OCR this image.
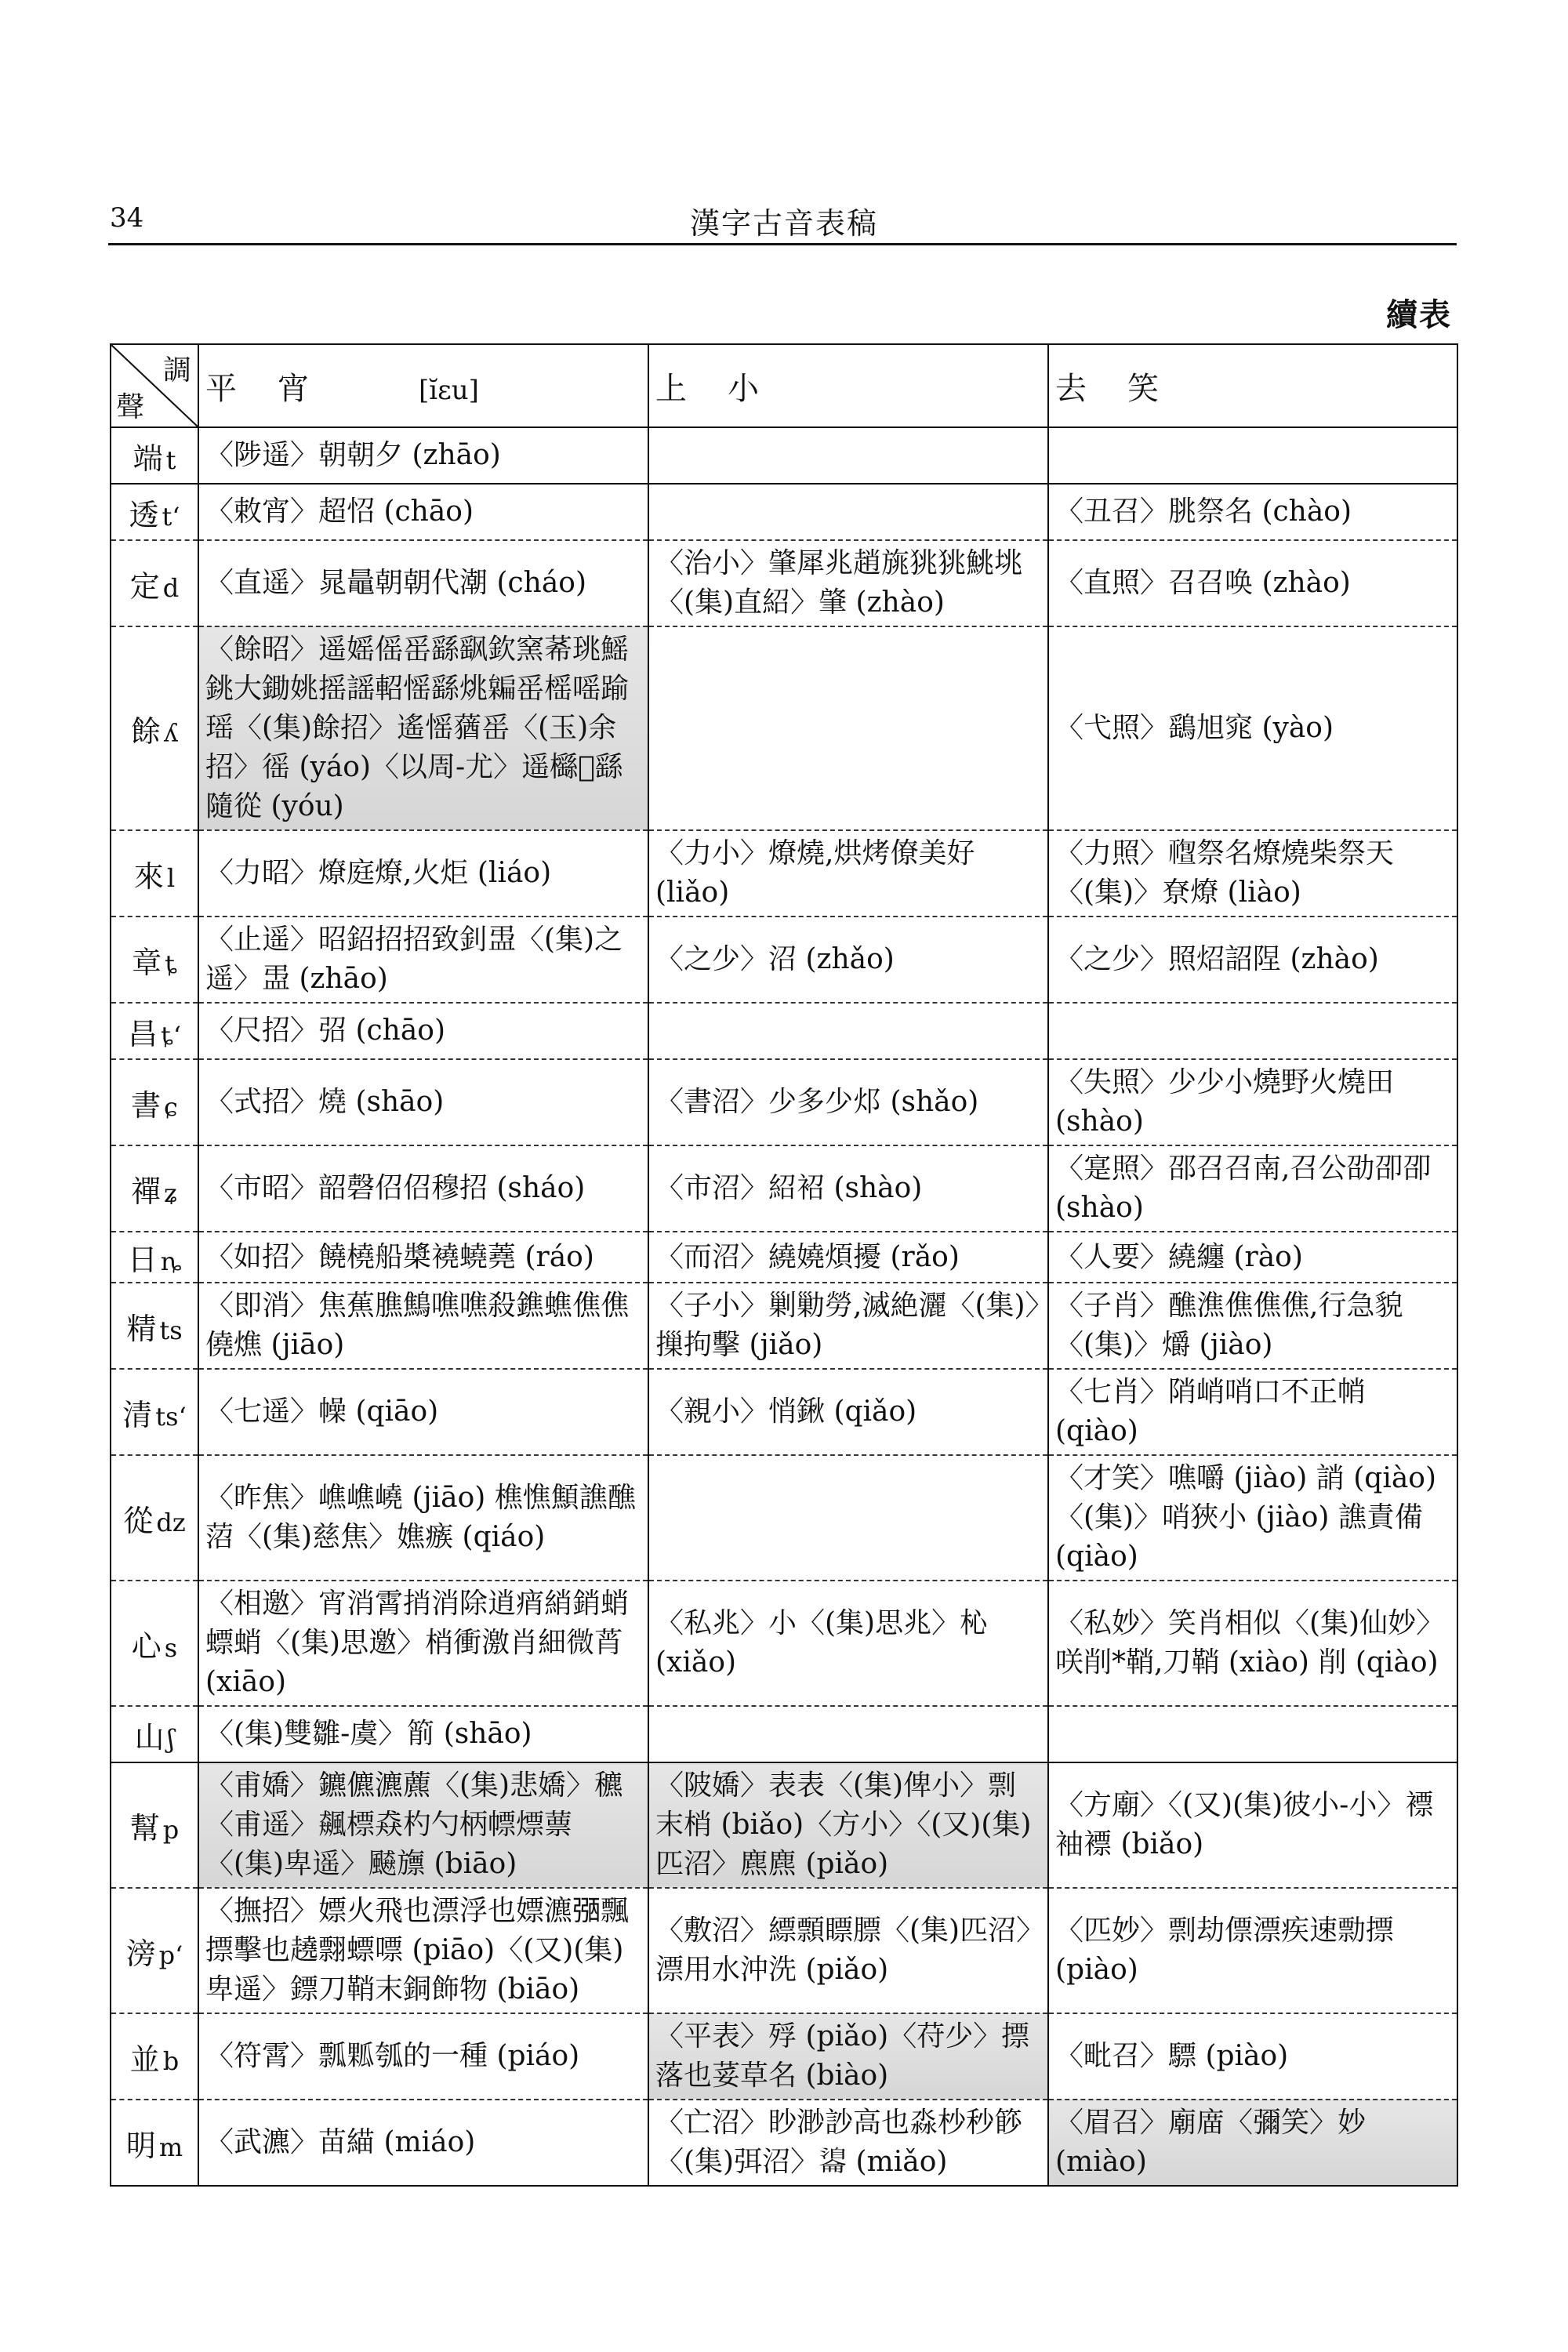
34	漢字古音表稿
續表
調
聲	平 宵 [ĭɛu]	上 小	去 笑
端 t	〈陟遥〉朝朝夕 (zhāo)		

透 tʻ	〈敕宵〉超怊 (chāo)		〈丑召〉朓祭名 (chào)

定 d	〈直遥〉晁鼂朝朝代潮 (cháo)	〈治小〉肇犀兆趙旐狣狣鮡垗〈(集)直紹〉肇 (zhào)	〈直照〉召召唤 (zhào)

餘 ʎ	〈餘昭〉遥媱傜䍃繇飖欽窯莃珧鰩銚大鋤姚摇謡軺愮繇烑𣝜䍃榣嗂踰瑶〈(集)餘招〉遙愮蕕䍃〈(玉)余招〉徭 (yáo)〈以周-尤〉遥櫾𦡊繇隨從 (yóu)		〈弋照〉鷂旭窕 (yào)

來 l	〈力昭〉燎庭燎,火炬 (liáo)	〈力小〉燎燒,烘烤僚美好 (liǎo)	〈力照〉𥛠祭名燎燒柴祭天〈(集)〉尞燎 (liào)

章 ȶ	〈止遥〉昭鉊招招致釗盄〈(集)之遥〉盄 (zhāo)	〈之少〉沼 (zhǎo)	〈之少〉照炤詔陧 (zhào)

昌 ȶʻ	〈尺招〉弨 (chāo)		

書 ɕ	〈式招〉燒 (shāo)	〈書沼〉少多少邩 (shǎo)	〈失照〉少少小燒野火燒田 (shào)

禪 ʑ	〈市昭〉韶磬佋佋穆招 (sháo)	〈市沼〉紹袑 (shào)	〈寔照〉邵召召南,召公劭卲卲 (shào)

日 ȵ	〈如招〉饒橈船槳襓蟯蕘 (ráo)	〈而沼〉繞嬈煩擾 (rǎo)	〈人要〉繞纏 (rào)

精 ts	〈即消〉焦蕉膲鷦噍噍殺鐎蟭僬僬僥燋 (jiāo)	〈子小〉剿勦勞,滅絶灑〈(集)〉摷拘擊 (jiǎo)	〈子肖〉醮潐僬僬僬,行急貌〈(集)〉爝 (jiào)

清 tsʻ	〈七遥〉幧 (qiāo)	〈親小〉悄鍬 (qiǎo)	〈七肖〉陗峭哨口不正帩 (qiào)

從 dz	〈昨焦〉嶕嶕嶢 (jiāo) 樵憔顦譙醮菬〈(集)慈焦〉嫶瘯 (qiáo)		〈才笑〉噍嚼 (jiào) 誚 (qiào)〈(集)〉哨狹小 (jiào) 譙責備 (qiào)

心 s	〈相邀〉宵消霄捎消除逍痟綃銷蛸螵蛸〈(集)思邀〉梢衝激肖細微莦 (xiāo)	〈私兆〉小〈(集)思兆〉杺 (xiǎo)	〈私妙〉笑肖相似〈(集)仙妙〉咲削*鞘,刀鞘 (xiào) 削 (qiào)

山 ʃ	〈(集)雙雛-虞〉箾 (shāo)		

幫 p	〈甫嬌〉鑣儦瀌藨〈(集)悲嬌〉穮〈甫遥〉飆標猋杓勺柄幖熛蔈〈(集)卑遥〉飇旚 (biāo)	〈陂嬌〉表表〈(集)俾小〉剽末梢 (biǎo)〈方小〉〈(又)(集)匹沼〉麃麃 (piǎo)	〈方廟〉〈(又)(集)彼小-小〉褾袖褾 (biǎo)

滂 pʻ	〈撫招〉嫖火飛也漂浮也嫖瀌𢐀飄摽擊也趬翲螵嘌 (piāo)〈(又)(集)卑遥〉鏢刀鞘末銅飾物 (biāo)	〈敷沼〉縹顠瞟膘〈(集)匹沼〉漂用水沖洗 (piǎo)	〈匹妙〉剽劫僄漂疾速勡摽 (piào)

並 b	〈符霄〉瓢𤬁瓠的一種 (piáo)	〈平表〉殍 (piǎo)〈苻少〉摽落也荽草名 (biào)	〈毗召〉驃 (piào)

明 m	〈武瀌〉苗緢 (miáo)	〈亡沼〉眇渺訬高也淼杪秒篎〈(集)弭沼〉𦤢 (miǎo)	〈眉召〉廟庿〈彌笑〉妙 (miào)
